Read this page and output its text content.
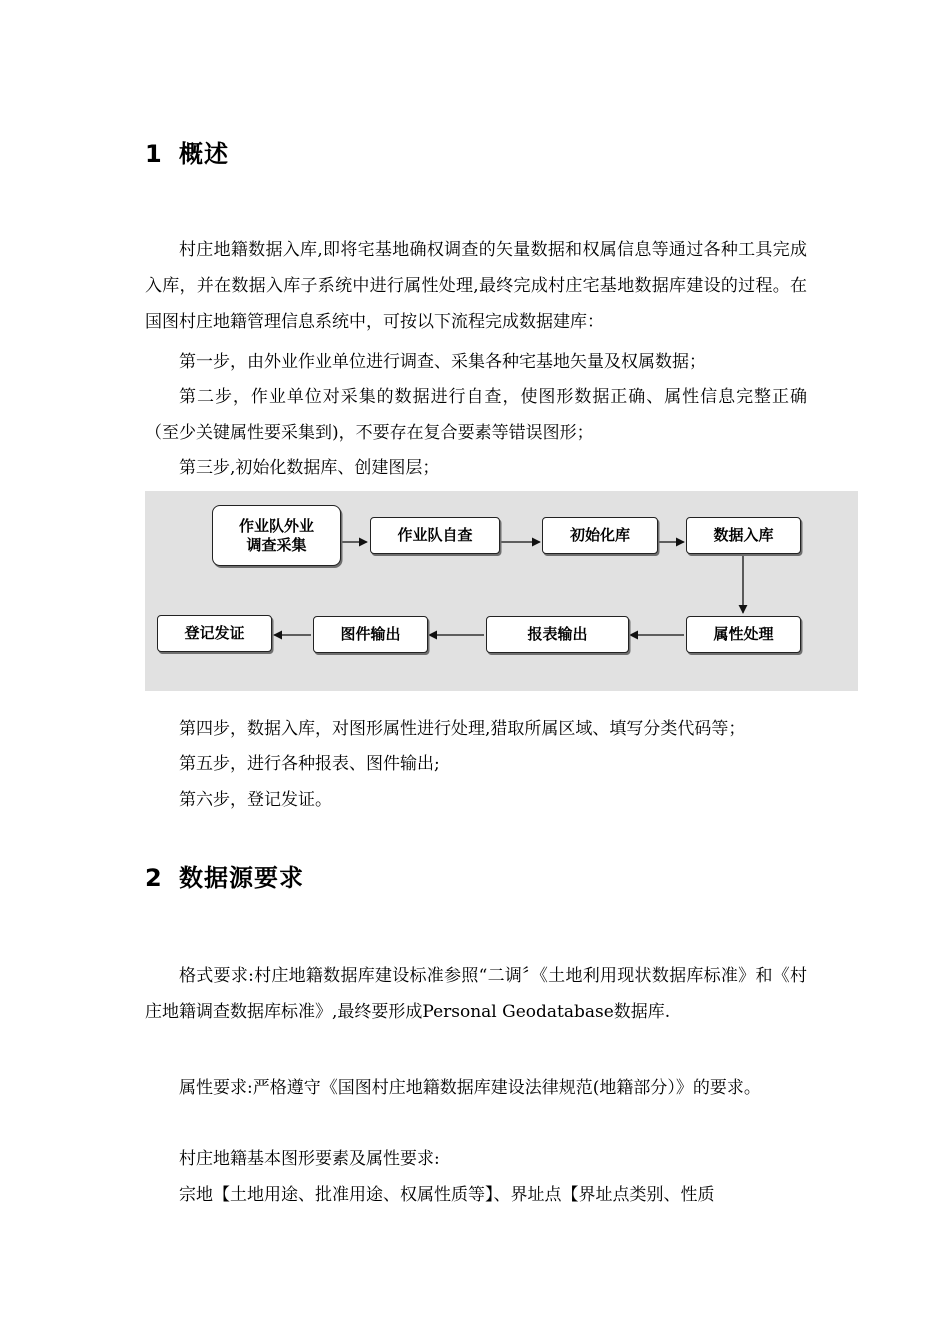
1 概述

村庄地籍数据入库,即将宅基地确权调查的矢量数据和权属信息等通过各种工具完成入库，并在数据入库子系统中进行属性处理,最终完成村庄宅基地数据库建设的过程。在国图村庄地籍管理信息系统中，可按以下流程完成数据建库：

第一步，由外业作业单位进行调查、采集各种宅基地矢量及权属数据；

第二步，作业单位对采集的数据进行自查，使图形数据正确、属性信息完整正确（至少关键属性要采集到)，不要存在复合要素等错误图形；

第三步,初始化数据库、创建图层；

作业队外业
调查采集
作业队自查	初始化库	数据入库
属性处理
报表输出
图件输出
登记发证

第四步，数据入库，对图形属性进行处理,猎取所属区域、填写分类代码等；

第五步，进行各种报表、图件输出;

第六步，登记发证。

2 数据源要求

格式要求:村庄地籍数据库建设标准参照“二调〞《土地利用现状数据库标准》和《村庄地籍调查数据库标准》,最终要形成Personal Geodatabase数据库.

属性要求:严格遵守《国图村庄地籍数据库建设法律规范(地籍部分）》的要求。

村庄地籍基本图形要素及属性要求:

宗地【土地用途、批准用途、权属性质等】、界址点【界址点类别、性质
